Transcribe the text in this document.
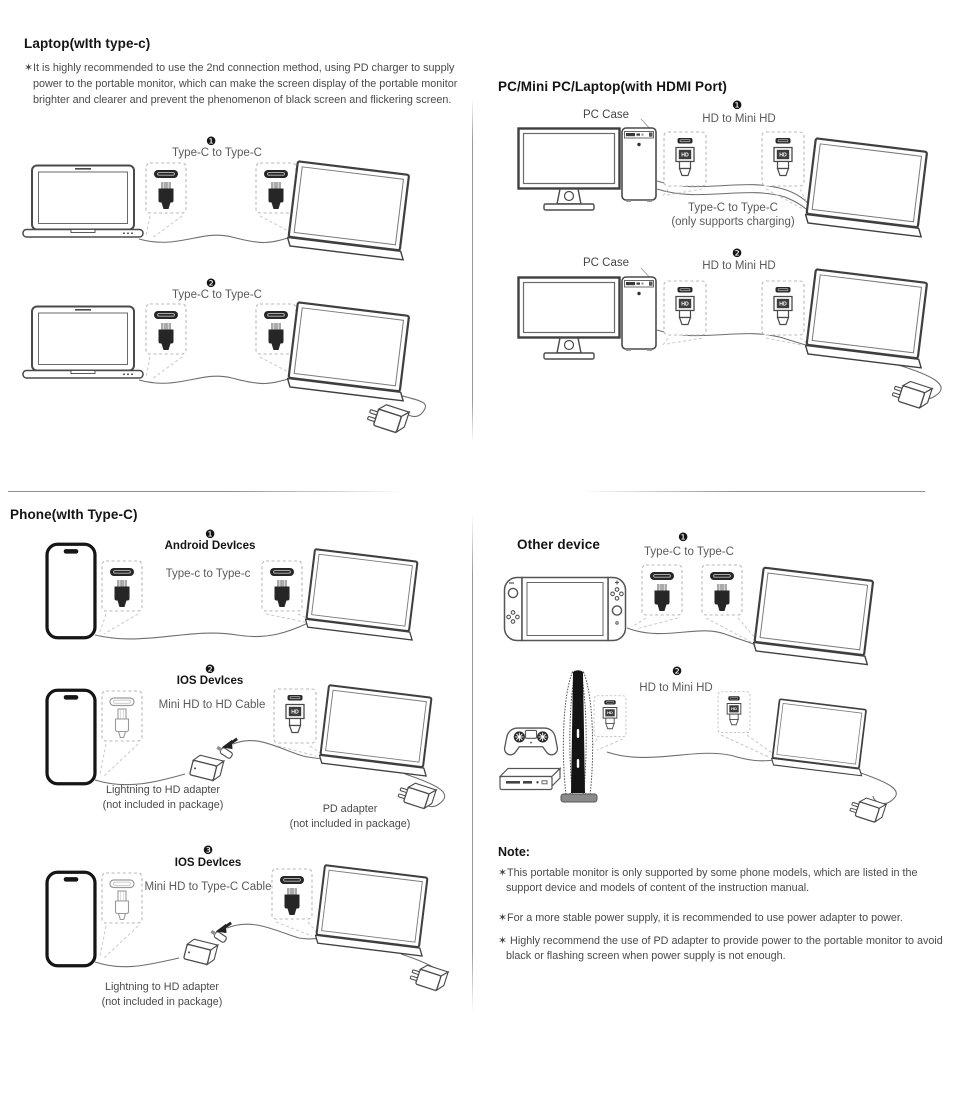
Laptop(wIth type-c)

✶It is highly recommended to use the 2nd connection method, using PD charger to supply power to the portable monitor, which can make the screen display of the portable monitor brighter and clearer and prevent the phenomenon of black screen and flickering screen.

❶
Type-C to Type-C
❷
Type-C to Type-C
PC/Mini PC/Laptop(with HDMI Port)
PC Case
❶
HD to Mini HD
Type-C to Type-C
(only supports charging)
PC Case
❷
HD to Mini HD
Phone(wIth Type-C)
❶
Android DevIces
Type-c to Type-c
❷
IOS DevIces
Mini HD to HD Cable
Lightning to HD adapter
(not included in package)	PD adapter
(not included in package)
❸
IOS DevIces
Mini HD to Type-C Cable
Lightning to HD adapter
(not included in package)
Other device	❶
Type-C to Type-C
❷
HD to Mini HD
Note:

✶This portable monitor is only supported by some phone models, which are listed in the support device and models of content of the instruction manual.

✶For a more stable power supply, it is recommended to use power adapter to power.

✶ Highly recommend the use of PD adapter to provide power to the portable monitor to avoid black or flashing screen when power supply is not enough.
